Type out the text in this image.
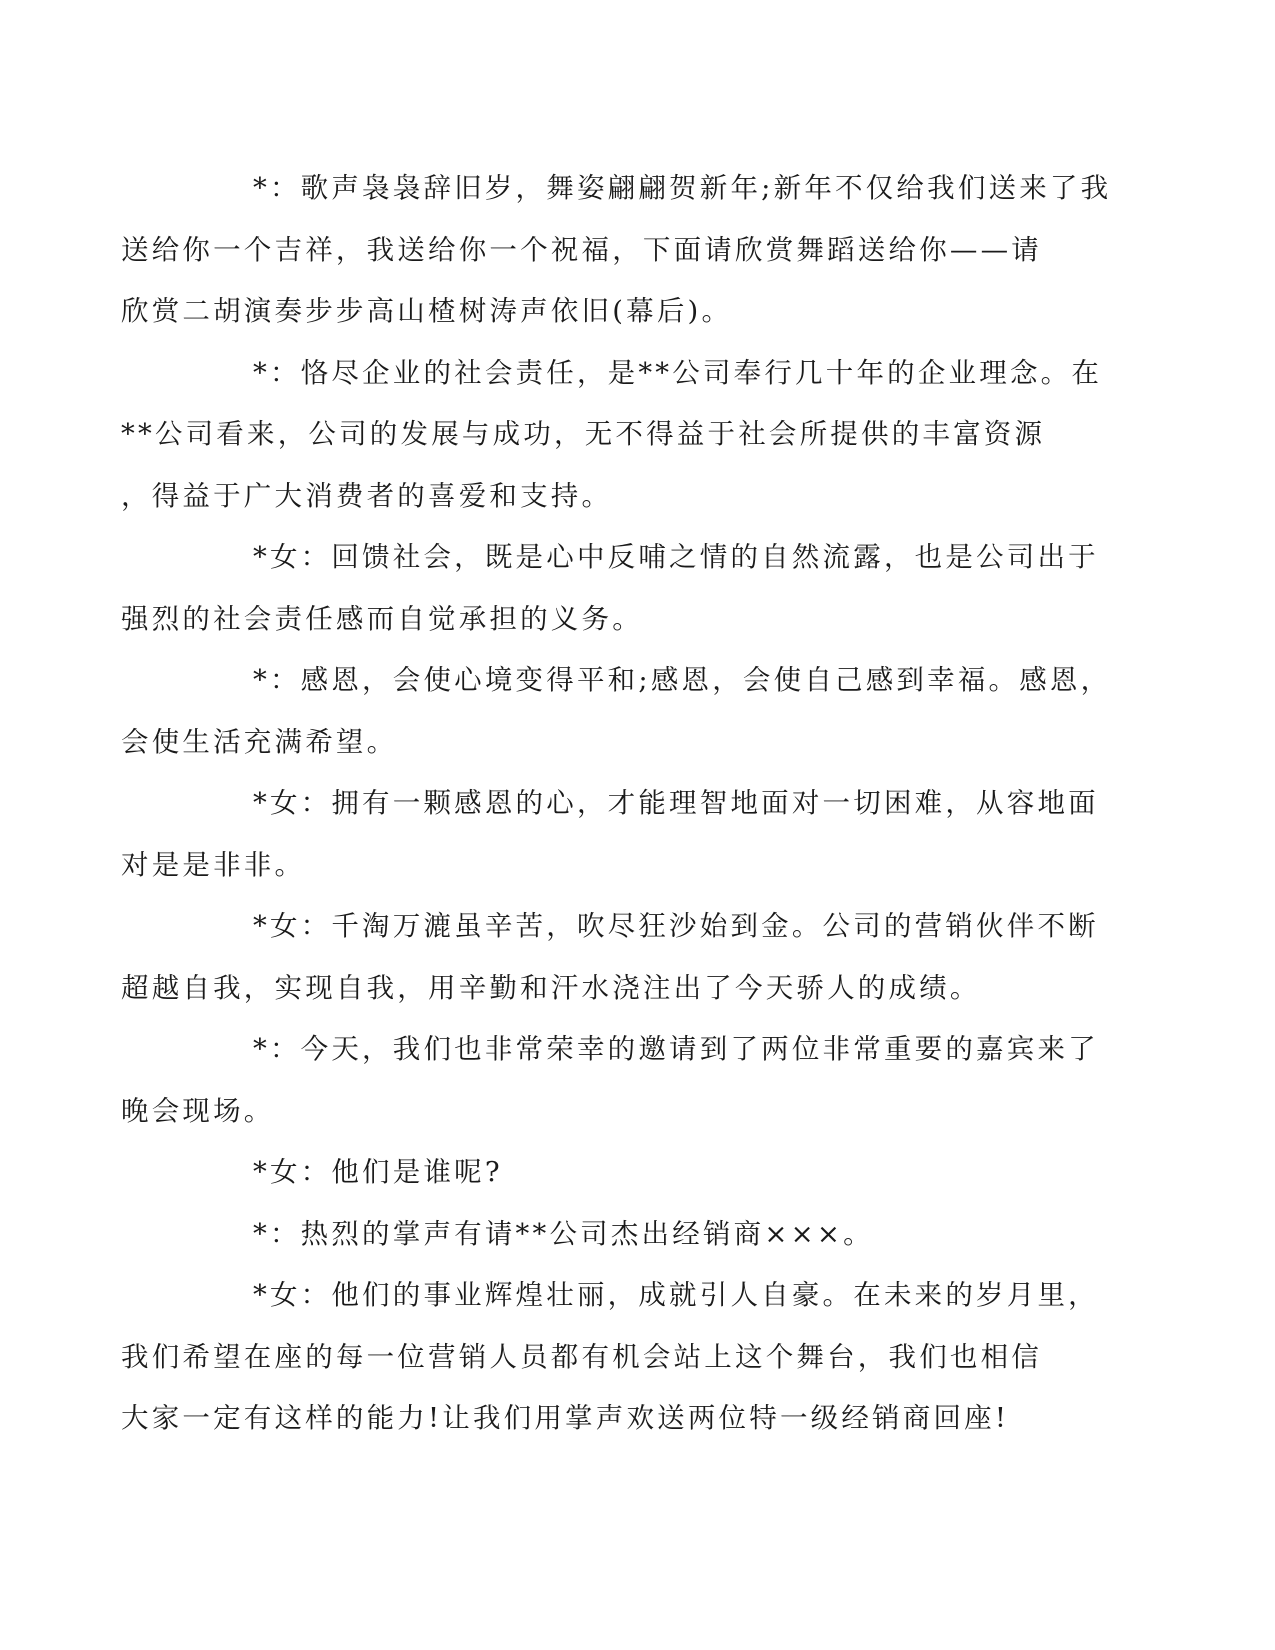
*：歌声袅袅辞旧岁，舞姿翩翩贺新年;新年不仅给我们送来了我
送给你一个吉祥，我送给你一个祝福，下面请欣赏舞蹈送给你——请
欣赏二胡演奏步步高山楂树涛声依旧(幕后)。
*：恪尽企业的社会责任，是**公司奉行几十年的企业理念。在
**公司看来，公司的发展与成功，无不得益于社会所提供的丰富资源
，得益于广大消费者的喜爱和支持。
*女：回馈社会，既是心中反哺之情的自然流露，也是公司出于
强烈的社会责任感而自觉承担的义务。
*：感恩，会使心境变得平和;感恩，会使自己感到幸福。感恩，
会使生活充满希望。
*女：拥有一颗感恩的心，才能理智地面对一切困难，从容地面
对是是非非。
*女：千淘万漉虽辛苦，吹尽狂沙始到金。公司的营销伙伴不断
超越自我，实现自我，用辛勤和汗水浇注出了今天骄人的成绩。
*：今天，我们也非常荣幸的邀请到了两位非常重要的嘉宾来了
晚会现场。
*女：他们是谁呢?
*：热烈的掌声有请**公司杰出经销商×××。
*女：他们的事业辉煌壮丽，成就引人自豪。在未来的岁月里，
我们希望在座的每一位营销人员都有机会站上这个舞台，我们也相信
大家一定有这样的能力!让我们用掌声欢送两位特一级经销商回座!
